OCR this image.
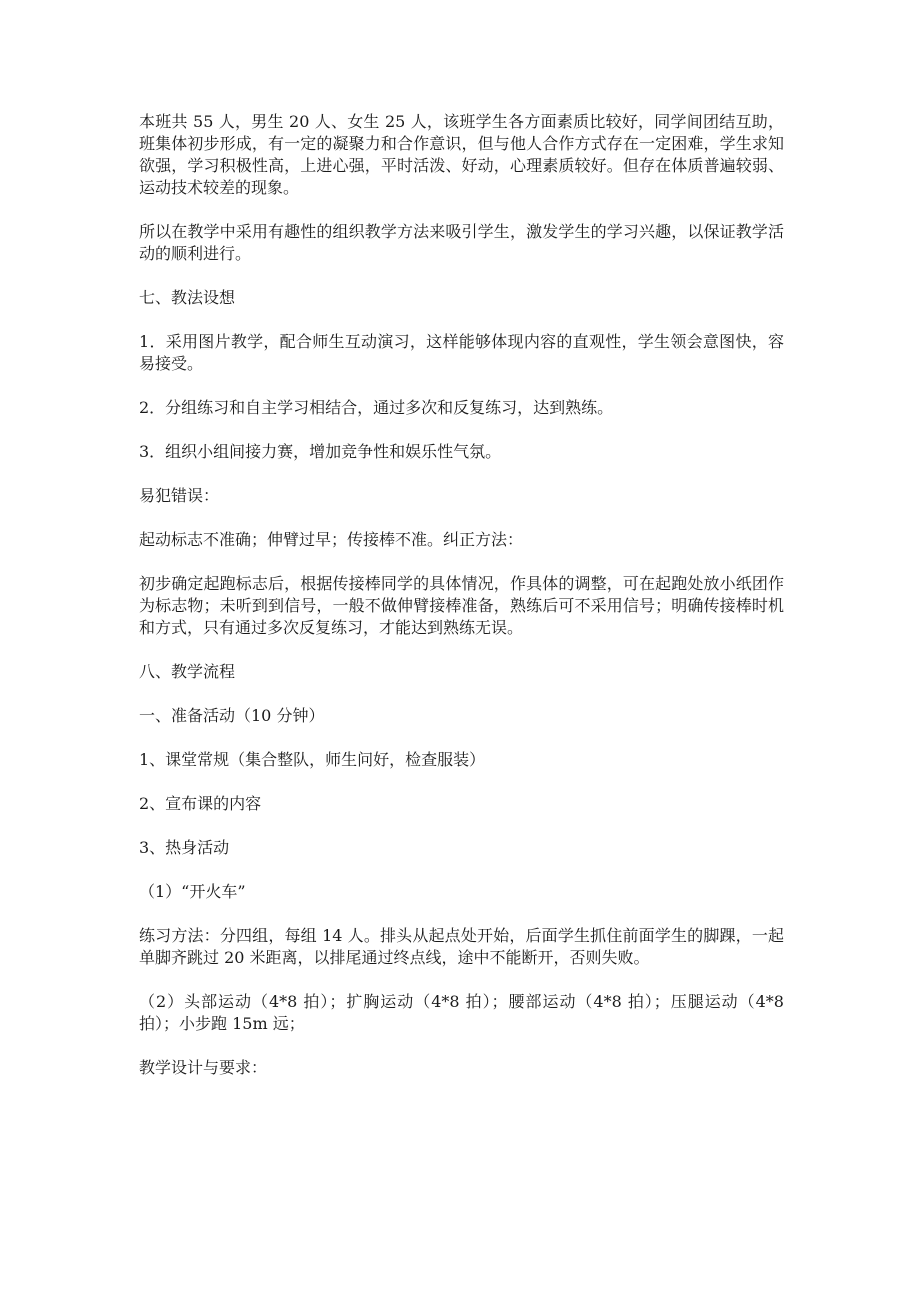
本班共 55 人，男生 20 人、女生 25 人，该班学生各方面素质比较好，同学间团结互助，班集体初步形成，有一定的凝聚力和合作意识，但与他人合作方式存在一定困难，学生求知欲强，学习积极性高，上进心强，平时活泼、好动，心理素质较好。但存在体质普遍较弱、运动技术较差的现象。

所以在教学中采用有趣性的组织教学方法来吸引学生，激发学生的学习兴趣，以保证教学活动的顺利进行。

七、教法设想

1．采用图片教学，配合师生互动演习，这样能够体现内容的直观性，学生领会意图快，容易接受。

2．分组练习和自主学习相结合，通过多次和反复练习，达到熟练。

3．组织小组间接力赛，增加竞争性和娱乐性气氛。

易犯错误：

起动标志不准确；伸臂过早；传接棒不准。纠正方法：

初步确定起跑标志后，根据传接棒同学的具体情况，作具体的调整，可在起跑处放小纸团作为标志物；未听到到信号，一般不做伸臂接棒准备，熟练后可不采用信号；明确传接棒时机和方式，只有通过多次反复练习，才能达到熟练无误。

八、教学流程

一、准备活动（10 分钟）

1、课堂常规（集合整队，师生问好，检查服装）

2、宣布课的内容

3、热身活动

（1）“开火车”

练习方法：分四组，每组 14 人。排头从起点处开始，后面学生抓住前面学生的脚踝，一起单脚齐跳过 20 米距离，以排尾通过终点线，途中不能断开，否则失败。

（2）头部运动（4*8 拍）；扩胸运动（4*8 拍）；腰部运动（4*8 拍）；压腿运动（4*8 拍）；小步跑 15m 远；

教学设计与要求：
